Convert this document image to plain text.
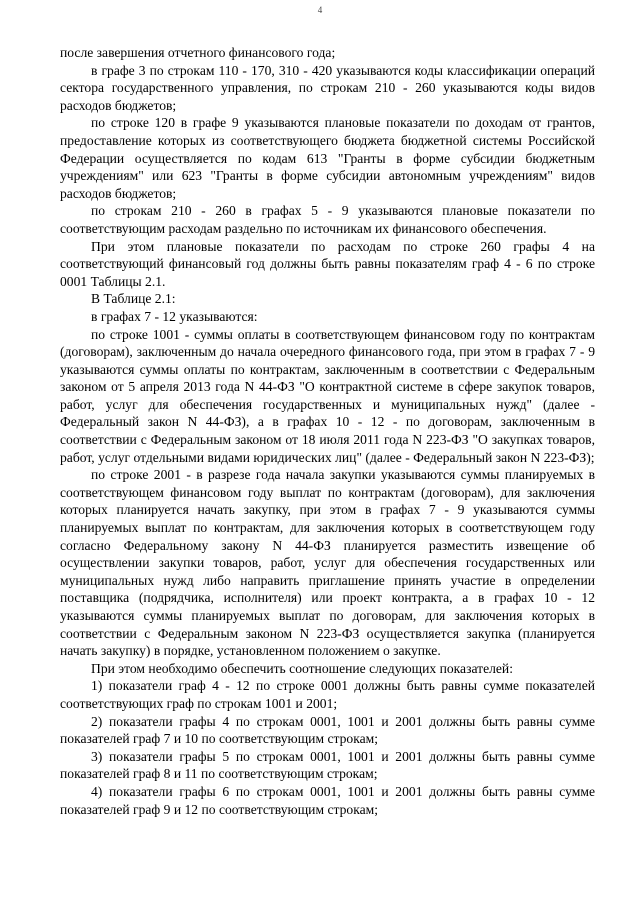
4

после завершения отчетного финансового года;

в графе 3 по строкам 110 - 170, 310 - 420 указываются коды классификации операций сектора государственного управления, по строкам 210 - 260 указываются коды видов расходов бюджетов;

по строке 120 в графе 9 указываются плановые показатели по доходам от грантов, предоставление которых из соответствующего бюджета бюджетной системы Российской Федерации осуществляется по кодам 613 "Гранты в форме субсидии бюджетным учреждениям" или 623 "Гранты в форме субсидии автономным учреждениям" видов расходов бюджетов;

по строкам 210 - 260 в графах 5 - 9 указываются плановые показатели по соответствующим расходам раздельно по источникам их финансового обеспечения.

При этом плановые показатели по расходам по строке 260 графы 4 на соответствующий финансовый год должны быть равны показателям граф 4 - 6 по строке 0001 Таблицы 2.1.

В Таблице 2.1:

в графах 7 - 12 указываются:

по строке 1001 - суммы оплаты в соответствующем финансовом году по контрактам (договорам), заключенным до начала очередного финансового года, при этом в графах 7 - 9 указываются суммы оплаты по контрактам, заключенным в соответствии с Федеральным законом от 5 апреля 2013 года N 44-ФЗ "О контрактной системе в сфере закупок товаров, работ, услуг для обеспечения государственных и муниципальных нужд" (далее - Федеральный закон N 44-ФЗ), а в графах 10 - 12 - по договорам, заключенным в соответствии с Федеральным законом от 18 июля 2011 года N 223-ФЗ "О закупках товаров, работ, услуг отдельными видами юридических лиц" (далее - Федеральный закон N 223-ФЗ);

по строке 2001 - в разрезе года начала закупки указываются суммы планируемых в соответствующем финансовом году выплат по контрактам (договорам), для заключения которых планируется начать закупку, при этом в графах 7 - 9 указываются суммы планируемых выплат по контрактам, для заключения которых в соответствующем году согласно Федеральному закону N 44-ФЗ планируется разместить извещение об осуществлении закупки товаров, работ, услуг для обеспечения государственных или муниципальных нужд либо направить приглашение принять участие в определении поставщика (подрядчика, исполнителя) или проект контракта, а в графах 10 - 12 указываются суммы планируемых выплат по договорам, для заключения которых в соответствии с Федеральным законом N 223-ФЗ осуществляется закупка (планируется начать закупку) в порядке, установленном положением о закупке.

При этом необходимо обеспечить соотношение следующих показателей:

1) показатели граф 4 - 12 по строке 0001 должны быть равны сумме показателей соответствующих граф по строкам 1001 и 2001;

2) показатели графы 4 по строкам 0001, 1001 и 2001 должны быть равны сумме показателей граф 7 и 10 по соответствующим строкам;

3) показатели графы 5 по строкам 0001, 1001 и 2001 должны быть равны сумме показателей граф 8 и 11 по соответствующим строкам;

4) показатели графы 6 по строкам 0001, 1001 и 2001 должны быть равны сумме показателей граф 9 и 12 по соответствующим строкам;
